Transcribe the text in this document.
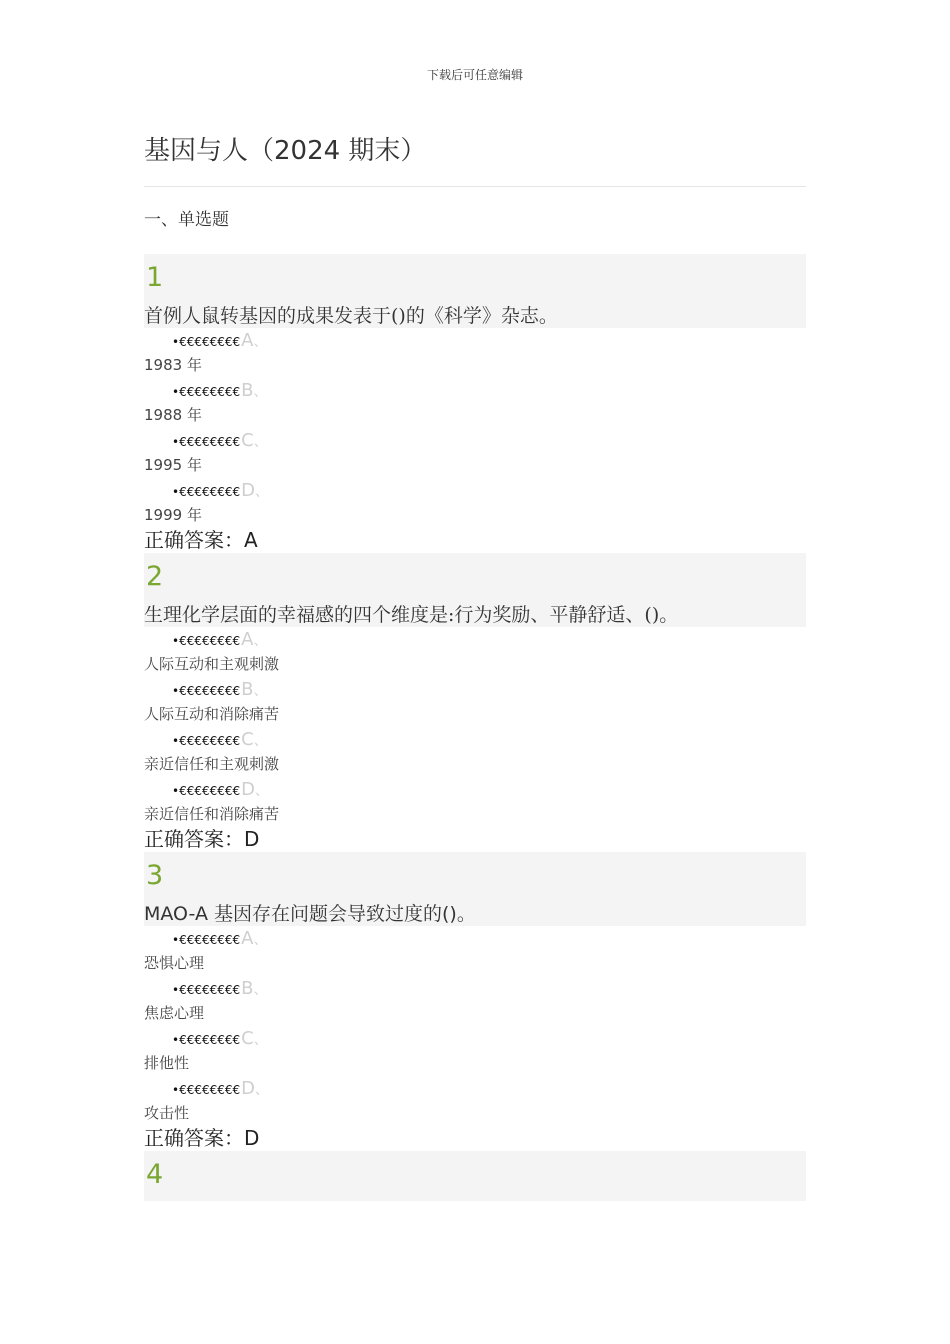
下载后可任意编辑
基因与人（2024 期末）
一、单选题
1
首例人鼠转基因的成果发表于()的《科学》杂志。
•€€€€€€€€A、
1983 年
•€€€€€€€€B、
1988 年
•€€€€€€€€C、
1995 年
•€€€€€€€€D、
1999 年
正确答案：A
2
生理化学层面的幸福感的四个维度是:行为奖励、平静舒适、()。
•€€€€€€€€A、
人际互动和主观刺激
•€€€€€€€€B、
人际互动和消除痛苦
•€€€€€€€€C、
亲近信任和主观刺激
•€€€€€€€€D、
亲近信任和消除痛苦
正确答案：D
3
MAO-A 基因存在问题会导致过度的()。
•€€€€€€€€A、
恐惧心理
•€€€€€€€€B、
焦虑心理
•€€€€€€€€C、
排他性
•€€€€€€€€D、
攻击性
正确答案：D
4
